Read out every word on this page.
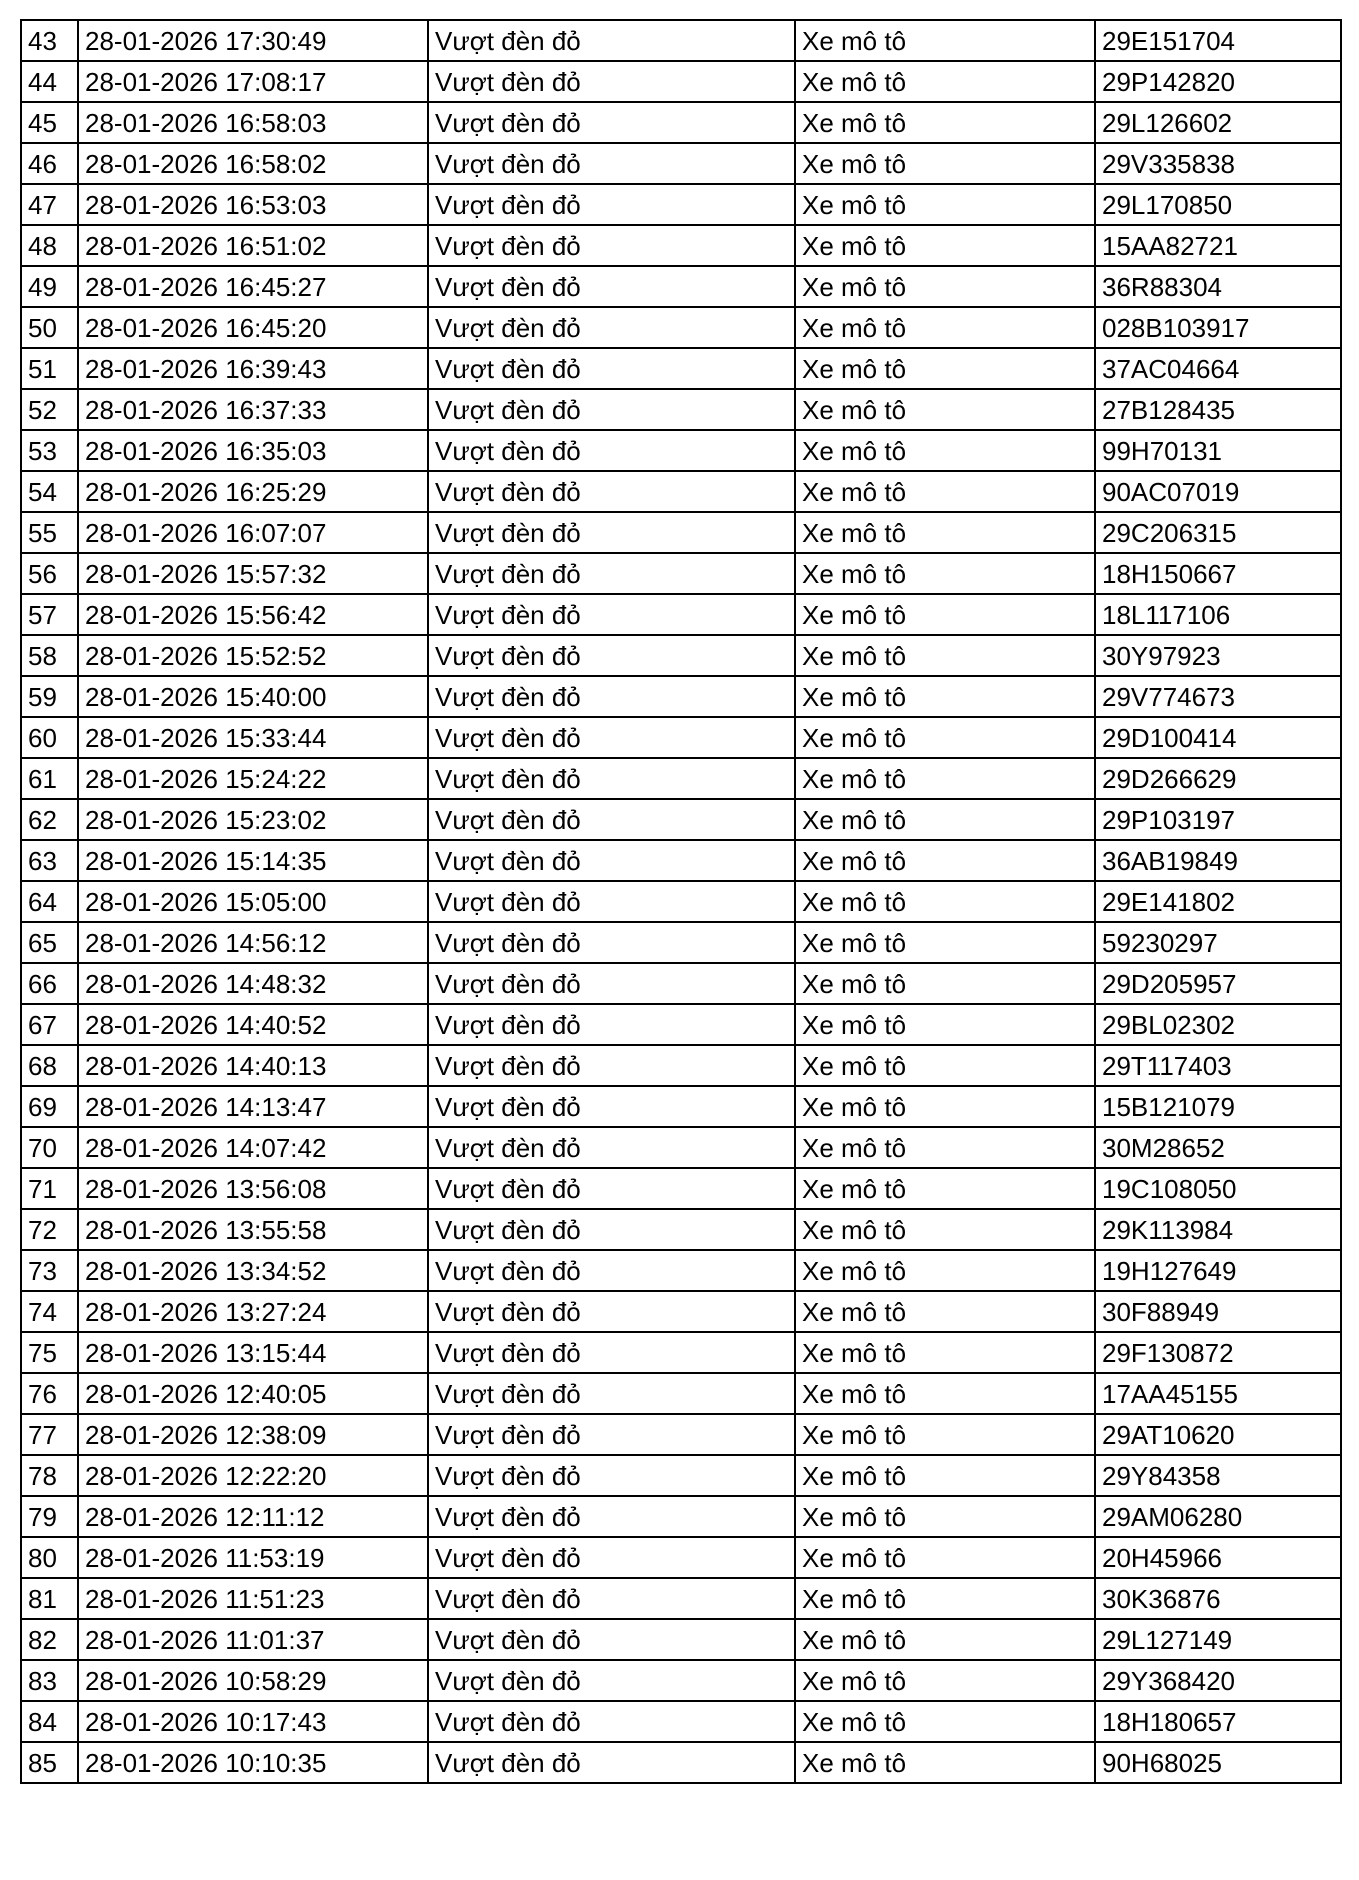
43	28-01-2026 17:30:49	Vượt đèn đỏ	Xe mô tô	29E151704
44	28-01-2026 17:08:17	Vượt đèn đỏ	Xe mô tô	29P142820
45	28-01-2026 16:58:03	Vượt đèn đỏ	Xe mô tô	29L126602
46	28-01-2026 16:58:02	Vượt đèn đỏ	Xe mô tô	29V335838
47	28-01-2026 16:53:03	Vượt đèn đỏ	Xe mô tô	29L170850
48	28-01-2026 16:51:02	Vượt đèn đỏ	Xe mô tô	15AA82721
49	28-01-2026 16:45:27	Vượt đèn đỏ	Xe mô tô	36R88304
50	28-01-2026 16:45:20	Vượt đèn đỏ	Xe mô tô	028B103917
51	28-01-2026 16:39:43	Vượt đèn đỏ	Xe mô tô	37AC04664
52	28-01-2026 16:37:33	Vượt đèn đỏ	Xe mô tô	27B128435
53	28-01-2026 16:35:03	Vượt đèn đỏ	Xe mô tô	99H70131
54	28-01-2026 16:25:29	Vượt đèn đỏ	Xe mô tô	90AC07019
55	28-01-2026 16:07:07	Vượt đèn đỏ	Xe mô tô	29C206315
56	28-01-2026 15:57:32	Vượt đèn đỏ	Xe mô tô	18H150667
57	28-01-2026 15:56:42	Vượt đèn đỏ	Xe mô tô	18L117106
58	28-01-2026 15:52:52	Vượt đèn đỏ	Xe mô tô	30Y97923
59	28-01-2026 15:40:00	Vượt đèn đỏ	Xe mô tô	29V774673
60	28-01-2026 15:33:44	Vượt đèn đỏ	Xe mô tô	29D100414
61	28-01-2026 15:24:22	Vượt đèn đỏ	Xe mô tô	29D266629
62	28-01-2026 15:23:02	Vượt đèn đỏ	Xe mô tô	29P103197
63	28-01-2026 15:14:35	Vượt đèn đỏ	Xe mô tô	36AB19849
64	28-01-2026 15:05:00	Vượt đèn đỏ	Xe mô tô	29E141802
65	28-01-2026 14:56:12	Vượt đèn đỏ	Xe mô tô	59230297
66	28-01-2026 14:48:32	Vượt đèn đỏ	Xe mô tô	29D205957
67	28-01-2026 14:40:52	Vượt đèn đỏ	Xe mô tô	29BL02302
68	28-01-2026 14:40:13	Vượt đèn đỏ	Xe mô tô	29T117403
69	28-01-2026 14:13:47	Vượt đèn đỏ	Xe mô tô	15B121079
70	28-01-2026 14:07:42	Vượt đèn đỏ	Xe mô tô	30M28652
71	28-01-2026 13:56:08	Vượt đèn đỏ	Xe mô tô	19C108050
72	28-01-2026 13:55:58	Vượt đèn đỏ	Xe mô tô	29K113984
73	28-01-2026 13:34:52	Vượt đèn đỏ	Xe mô tô	19H127649
74	28-01-2026 13:27:24	Vượt đèn đỏ	Xe mô tô	30F88949
75	28-01-2026 13:15:44	Vượt đèn đỏ	Xe mô tô	29F130872
76	28-01-2026 12:40:05	Vượt đèn đỏ	Xe mô tô	17AA45155
77	28-01-2026 12:38:09	Vượt đèn đỏ	Xe mô tô	29AT10620
78	28-01-2026 12:22:20	Vượt đèn đỏ	Xe mô tô	29Y84358
79	28-01-2026 12:11:12	Vượt đèn đỏ	Xe mô tô	29AM06280
80	28-01-2026 11:53:19	Vượt đèn đỏ	Xe mô tô	20H45966
81	28-01-2026 11:51:23	Vượt đèn đỏ	Xe mô tô	30K36876
82	28-01-2026 11:01:37	Vượt đèn đỏ	Xe mô tô	29L127149
83	28-01-2026 10:58:29	Vượt đèn đỏ	Xe mô tô	29Y368420
84	28-01-2026 10:17:43	Vượt đèn đỏ	Xe mô tô	18H180657
85	28-01-2026 10:10:35	Vượt đèn đỏ	Xe mô tô	90H68025
